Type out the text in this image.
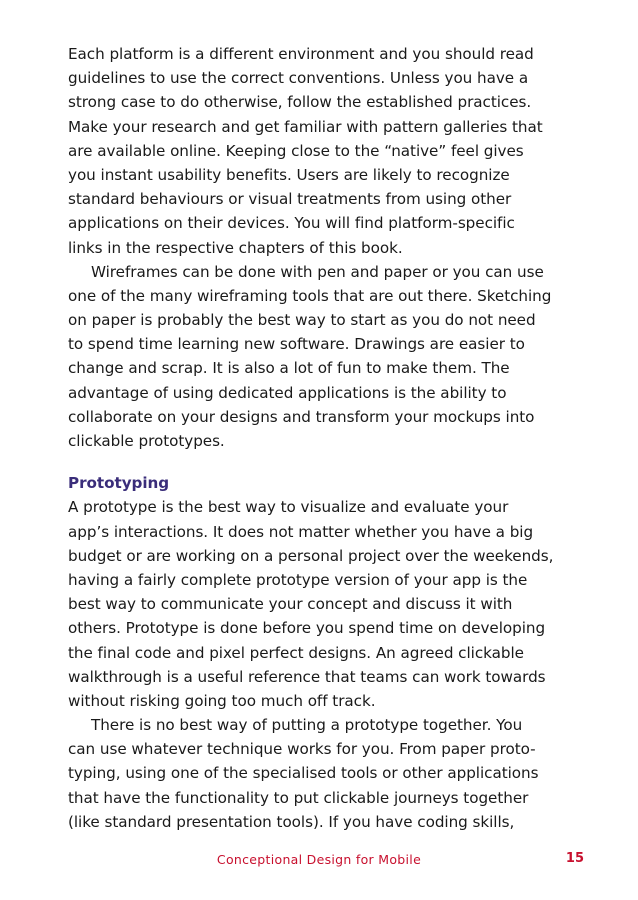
Each platform is a different environment and you should read
guidelines to use the correct conventions. Unless you have a
strong case to do otherwise, follow the established practices.
Make your research and get familiar with pattern galleries that
are available online. Keeping close to the “native” feel gives
you instant usability benefits. Users are likely to recognize
standard behaviours or visual treatments from using other
applications on their devices. You will find platform-specific
links in the respective chapters of this book.
Wireframes can be done with pen and paper or you can use
one of the many wireframing tools that are out there. Sketching
on paper is probably the best way to start as you do not need
to spend time learning new software. Drawings are easier to
change and scrap. It is also a lot of fun to make them. The
advantage of using dedicated applications is the ability to
collaborate on your designs and transform your mockups into
clickable prototypes.
Prototyping
A prototype is the best way to visualize and evaluate your
app’s interactions. It does not matter whether you have a big
budget or are working on a personal project over the weekends,
having a fairly complete prototype version of your app is the
best way to communicate your concept and discuss it with
others. Prototype is done before you spend time on developing
the final code and pixel perfect designs. An agreed clickable
walkthrough is a useful reference that teams can work towards
without risking going too much off track.
There is no best way of putting a prototype together. You
can use whatever technique works for you. From paper proto-
typing, using one of the specialised tools or other applications
that have the functionality to put clickable journeys together
(like standard presentation tools). If you have coding skills,
Conceptional Design for Mobile	15
